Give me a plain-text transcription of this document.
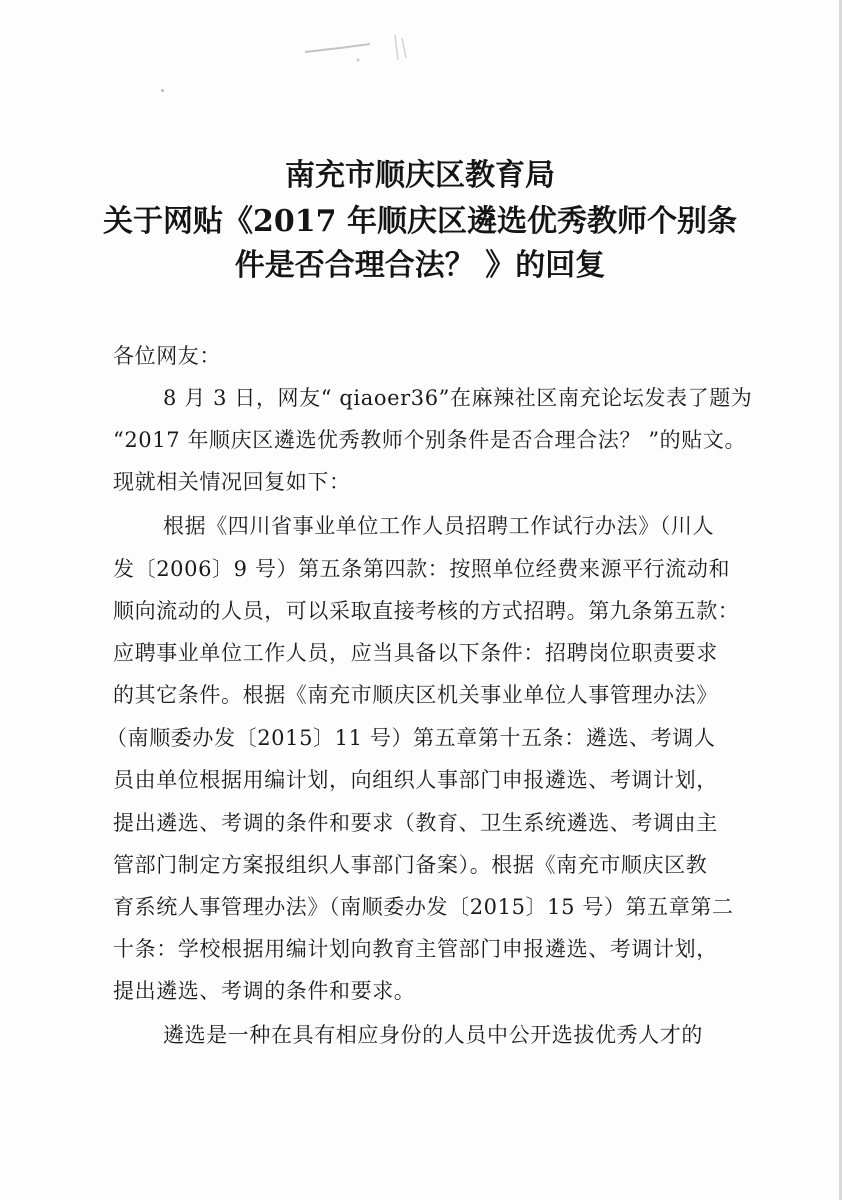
南充市顺庆区教育局
关于网贴《2017 年顺庆区遴选优秀教师个别条
件是否合理合法？ 》的回复
各位网友：
8 月 3 日，网友“ qiaoer36”在麻辣社区南充论坛发表了题为
“2017 年顺庆区遴选优秀教师个别条件是否合理合法？ ”的贴文。
现就相关情况回复如下：
根据《四川省事业单位工作人员招聘工作试行办法》（川人
发〔2006〕9 号）第五条第四款：按照单位经费来源平行流动和
顺向流动的人员，可以采取直接考核的方式招聘。第九条第五款：
应聘事业单位工作人员，应当具备以下条件：招聘岗位职责要求
的其它条件。根据《南充市顺庆区机关事业单位人事管理办法》
（南顺委办发〔2015〕11 号）第五章第十五条：遴选、考调人
员由单位根据用编计划，向组织人事部门申报遴选、考调计划，
提出遴选、考调的条件和要求（教育、卫生系统遴选、考调由主
管部门制定方案报组织人事部门备案）。根据《南充市顺庆区教
育系统人事管理办法》（南顺委办发〔2015〕15 号）第五章第二
十条：学校根据用编计划向教育主管部门申报遴选、考调计划，
提出遴选、考调的条件和要求。
遴选是一种在具有相应身份的人员中公开选拔优秀人才的
